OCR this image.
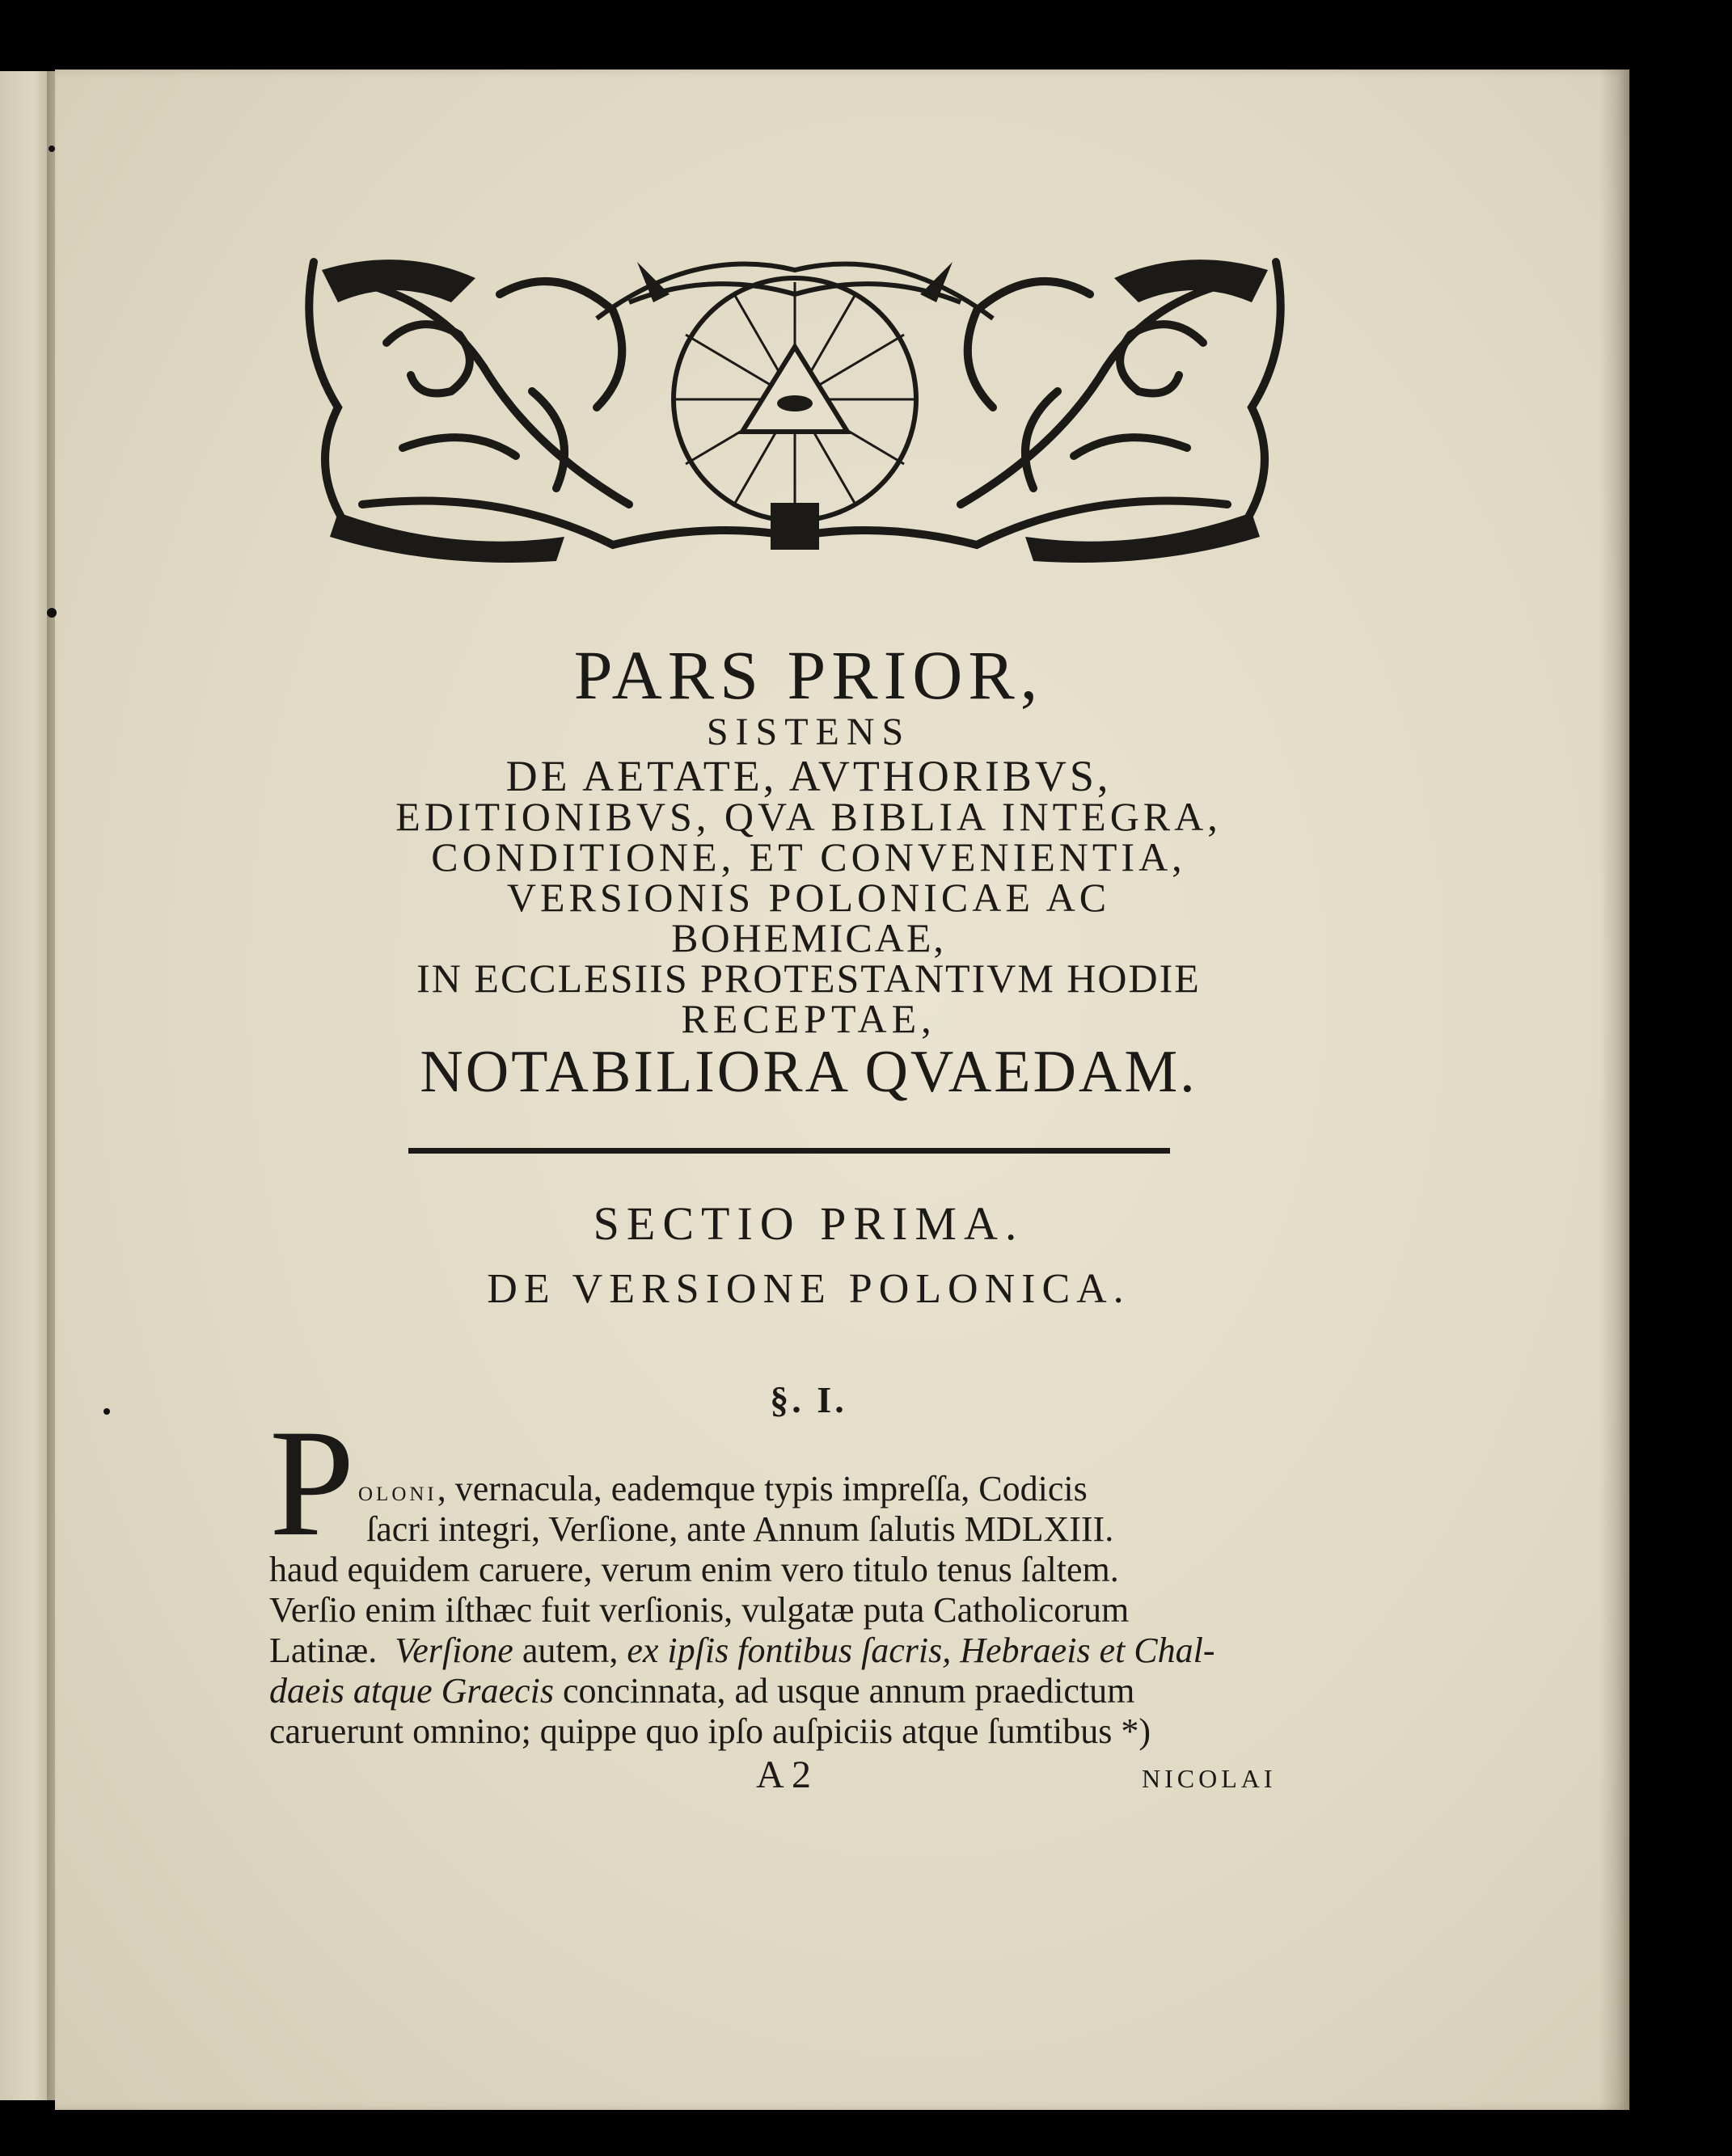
PARS PRIOR,
SISTENS
DE AETATE, AVTHORIBVS,
EDITIONIBVS, QVA BIBLIA INTEGRA,
CONDITIONE, ET CONVENIENTIA,
VERSIONIS POLONICAE AC
BOHEMICAE,
IN ECCLESIIS PROTESTANTIVM HODIE
RECEPTAE,
NOTABILIORA QVAEDAM.
SECTIO PRIMA.
DE VERSIONE POLONICA.
§. I.
P oloni, vernacula, eademque typis impreſſa, Codicis
ſacri integri, Verſione, ante Annum ſalutis MDLXIII.
haud equidem caruere, verum enim vero titulo tenus ſaltem.
Verſio enim iſthæc fuit verſionis, vulgatæ puta Catholicorum
Latinæ. Verſione autem, ex ipſis fontibus ſacris, Hebraeis et Chal-
daeis atque Graecis concinnata, ad usque annum praedictum
caruerunt omnino; quippe quo ipſo auſpiciis atque ſumtibus *)
A 2	NICOLAI
